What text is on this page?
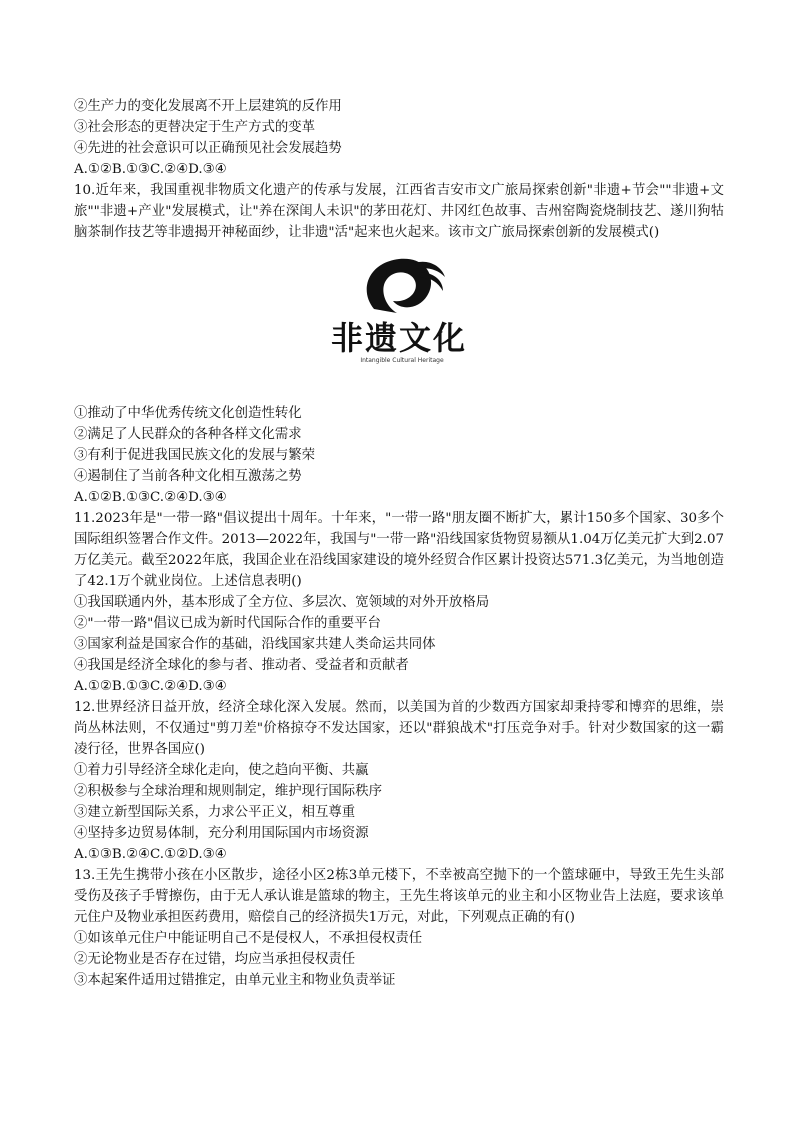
②生产力的变化发展离不开上层建筑的反作用
③社会形态的更替决定于生产方式的变革
④先进的社会意识可以正确预见社会发展趋势
A.①②B.①③C.②④D.③④
10.近年来，我国重视非物质文化遗产的传承与发展，江西省吉安市文广旅局探索创新"非遗+节会""非遗+文旅""非遗+产业"发展模式，让"养在深闺人未识"的茅田花灯、井冈红色故事、吉州窑陶瓷烧制技艺、遂川狗牯脑茶制作技艺等非遗揭开神秘面纱，让非遗"活"起来也火起来。该市文广旅局探索创新的发展模式()
非遗文化
Intangible Cultural Heritage
①推动了中华优秀传统文化创造性转化
②满足了人民群众的各种各样文化需求
③有利于促进我国民族文化的发展与繁荣
④遏制住了当前各种文化相互激荡之势
A.①②B.①③C.②④D.③④
11.2023年是"一带一路"倡议提出十周年。十年来，"一带一路"朋友圈不断扩大，累计150多个国家、30多个国际组织签署合作文件。2013—2022年，我国与"一带一路"沿线国家货物贸易额从1.04万亿美元扩大到2.07万亿美元。截至2022年底，我国企业在沿线国家建设的境外经贸合作区累计投资达571.3亿美元，为当地创造了42.1万个就业岗位。上述信息表明()
①我国联通内外，基本形成了全方位、多层次、宽领域的对外开放格局
②"一带一路"倡议已成为新时代国际合作的重要平台
③国家利益是国家合作的基础，沿线国家共建人类命运共同体
④我国是经济全球化的参与者、推动者、受益者和贡献者
A.①②B.①③C.②④D.③④
12.世界经济日益开放，经济全球化深入发展。然而，以美国为首的少数西方国家却秉持零和博弈的思维，崇尚丛林法则，不仅通过"剪刀差"价格掠夺不发达国家，还以"群狼战术"打压竞争对手。针对少数国家的这一霸凌行径，世界各国应()
①着力引导经济全球化走向，使之趋向平衡、共赢
②积极参与全球治理和规则制定，维护现行国际秩序
③建立新型国际关系，力求公平正义，相互尊重
④坚持多边贸易体制，充分利用国际国内市场资源
A.①③B.②④C.①②D.③④
13.王先生携带小孩在小区散步，途径小区2栋3单元楼下，不幸被高空抛下的一个篮球砸中，导致王先生头部受伤及孩子手臂擦伤，由于无人承认谁是篮球的物主，王先生将该单元的业主和小区物业告上法庭，要求该单元住户及物业承担医药费用，赔偿自己的经济损失1万元，对此，下列观点正确的有()
①如该单元住户中能证明自己不是侵权人，不承担侵权责任
②无论物业是否存在过错，均应当承担侵权责任
③本起案件适用过错推定，由单元业主和物业负责举证
